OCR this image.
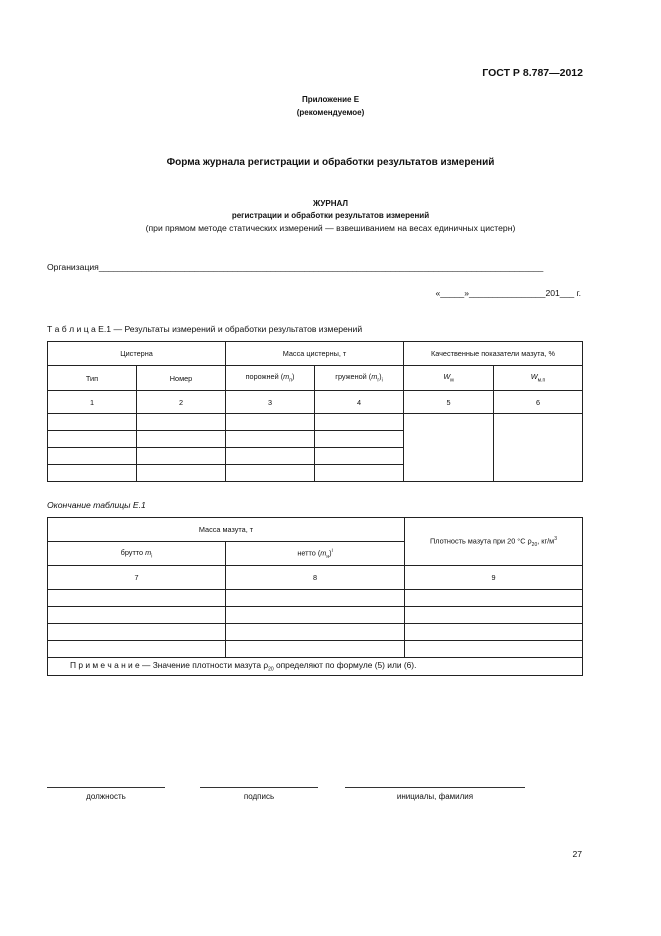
ГОСТ Р 8.787—2012
Приложение Е
(рекомендуемое)
Форма журнала регистрации и обработки результатов измерений
ЖУРНАЛ
регистрации и обработки результатов измерений
(при прямом методе статических измерений — взвешиванием на весах единичных цистерн)
Организация_____________________________________________________________________________________________
«_____»________________201___ г.
Т а б л и ц а Е.1 — Результаты измерений и обработки результатов измерений
Цистерна		Масса цистерны, т		Качественные показатели мазута, %	
Тип	Номер	порожней $(m_п)$	груженой $(m_г)_i$	$W_м$	$W_{м.п}$
1	2	3	4	5	6

Окончание таблицы Е.1
Масса мазута, т		Плотность мазута при 20 °С $\rho_{20}$, $кг/м^3$
брутто $m_i$	нетто $(m_н)^i$
7	8	9

П р и м е ч а н и е — Значение плотности мазута $\rho_{20}$ определяют по формуле (5) или (6).		
должность	подпись	инициалы, фамилия
27
